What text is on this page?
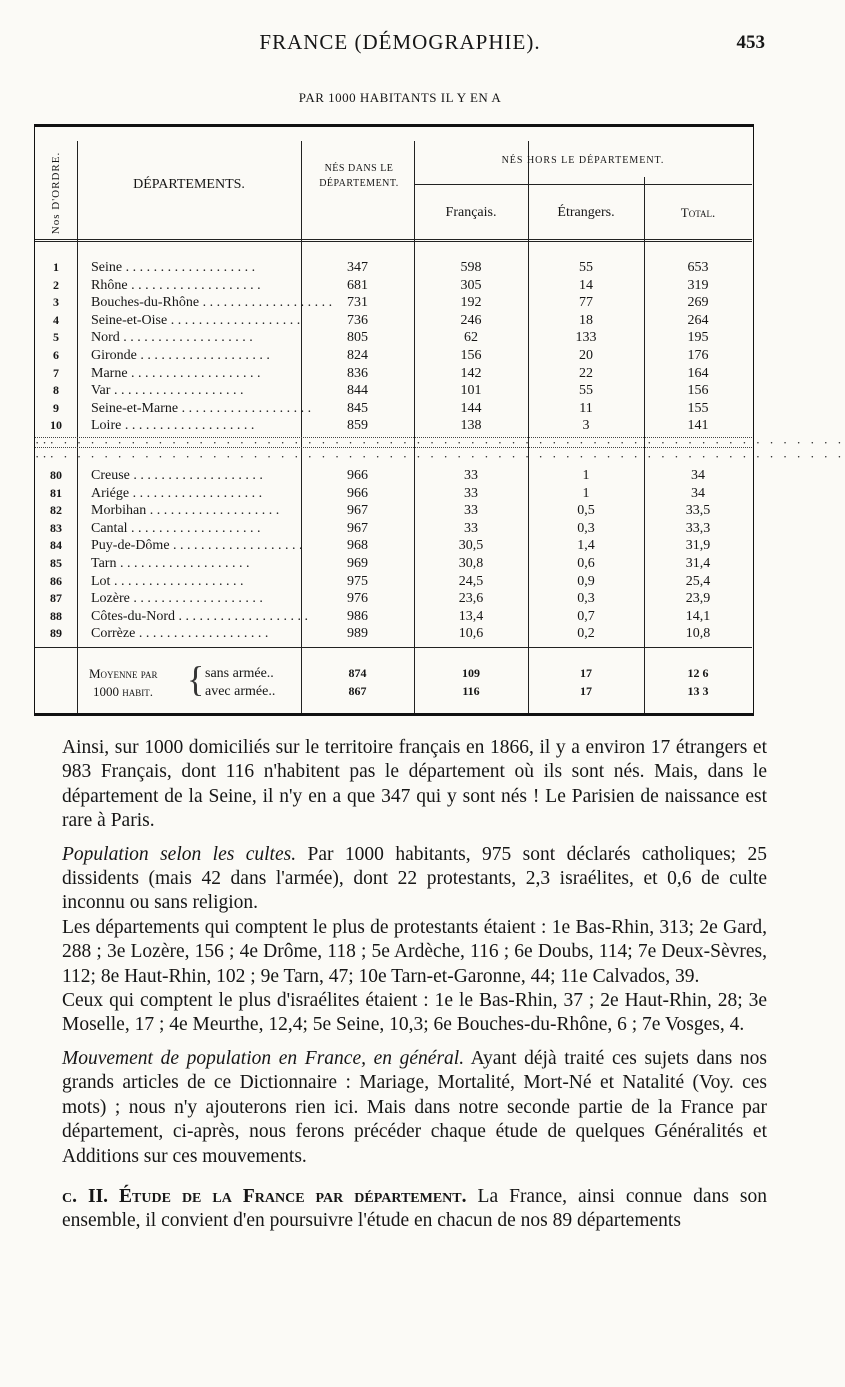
FRANCE (DÉMOGRAPHIE).	453
PAR 1000 HABITANTS IL Y EN A
Nos D'ORDRE.	DÉPARTEMENTS.
NÉS DANS LE DÉPARTEMENT.
NÉS HORS LE DÉPARTEMENT.
Français.	Étrangers.	Total.
1	Seine . . . . . . . . . . . . . . . . . . .	347	598	55	653
2	Rhône . . . . . . . . . . . . . . . . . . .	681	305	14	319
3	Bouches-du-Rhône . . . . . . . . . . . . . . . . . . .	731	192	77	269
4	Seine-et-Oise . . . . . . . . . . . . . . . . . . .	736	246	18	264
5	Nord . . . . . . . . . . . . . . . . . . .	805	62	133	195
6	Gironde . . . . . . . . . . . . . . . . . . .	824	156	20	176
7	Marne . . . . . . . . . . . . . . . . . . .	836	142	22	164
8	Var . . . . . . . . . . . . . . . . . . .	844	101	55	156
9	Seine-et-Marne . . . . . . . . . . . . . . . . . . .	845	144	11	155
10	Loire . . . . . . . . . . . . . . . . . . .	859	138	3	141
80	Creuse . . . . . . . . . . . . . . . . . . .	966	33	1	34
81	Ariége . . . . . . . . . . . . . . . . . . .	966	33	1	34
82	Morbihan . . . . . . . . . . . . . . . . . . .	967	33	0,5	33,5
83	Cantal . . . . . . . . . . . . . . . . . . .	967	33	0,3	33,3
84	Puy-de-Dôme . . . . . . . . . . . . . . . . . . .	968	30,5	1,4	31,9
85	Tarn . . . . . . . . . . . . . . . . . . .	969	30,8	0,6	31,4
86	Lot . . . . . . . . . . . . . . . . . . .	975	24,5	0,9	25,4
87	Lozère . . . . . . . . . . . . . . . . . . .	976	23,6	0,3	23,9
88	Côtes-du-Nord . . . . . . . . . . . . . . . . . . .	986	13,4	0,7	14,1
89	Corrèze . . . . . . . . . . . . . . . . . . .	989	10,6	0,2	10,8
··· · · · · · · · · · · · · · · · · · · · · · · · · · · · · · · · · · · · · · · · · · · · · · · · · · · · · · · · · · ·
··· · · · · · · · · · · · · · · · · · · · · · · · · · · · · · · · · · · · · · · · · · · · · · · · · · · · · · · · · · ·
Moyenne par
1000 habit. { sans armée..
avec armée..
874	109	17	12 6
867	116	17	13 3

Ainsi, sur 1000 domiciliés sur le territoire français en 1866, il y a environ 17 étrangers et 983 Français, dont 116 n'habitent pas le département où ils sont nés. Mais, dans le département de la Seine, il n'y en a que 347 qui y sont nés ! Le Parisien de naissance est rare à Paris.

Population selon les cultes. Par 1000 habitants, 975 sont déclarés catholiques; 25 dissidents (mais 42 dans l'armée), dont 22 protestants, 2,3 israélites, et 0,6 de culte inconnu ou sans religion.

Les départements qui comptent le plus de protestants étaient : 1e Bas-Rhin, 313; 2e Gard, 288 ; 3e Lozère, 156 ; 4e Drôme, 118 ; 5e Ardèche, 116 ; 6e Doubs, 114; 7e Deux-Sèvres, 112; 8e Haut-Rhin, 102 ; 9e Tarn, 47; 10e Tarn-et-Garonne, 44; 11e Calvados, 39.

Ceux qui comptent le plus d'israélites étaient : 1e le Bas-Rhin, 37 ; 2e Haut-Rhin, 28; 3e Moselle, 17 ; 4e Meurthe, 12,4; 5e Seine, 10,3; 6e Bouches-du-Rhône, 6 ; 7e Vosges, 4.

Mouvement de population en France, en général. Ayant déjà traité ces sujets dans nos grands articles de ce Dictionnaire : Mariage, Mortalité, Mort-Né et Natalité (Voy. ces mots) ; nous n'y ajouterons rien ici. Mais dans notre seconde partie de la France par département, ci-après, nous ferons précéder chaque étude de quelques Généralités et Additions sur ces mouvements.

c. II. Étude de la France par département. La France, ainsi connue dans son ensemble, il convient d'en poursuivre l'étude en chacun de nos 89 départements
